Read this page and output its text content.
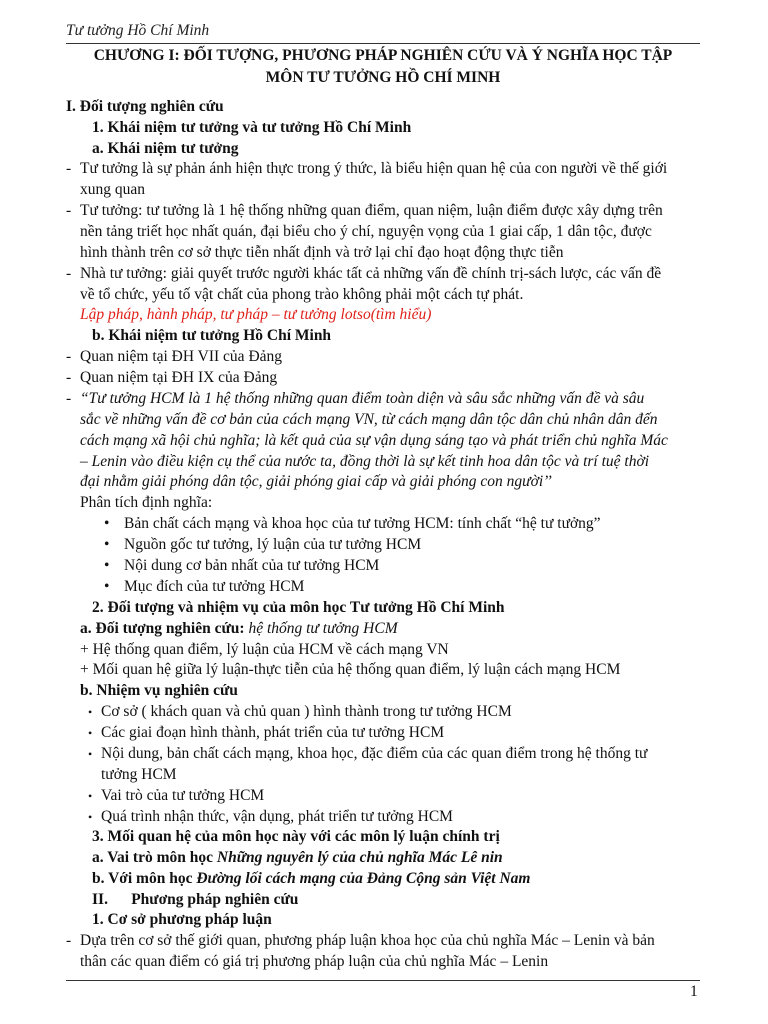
Tư tưởng Hồ Chí Minh
CHƯƠNG I: ĐỐI TƯỢNG, PHƯƠNG PHÁP NGHIÊN CỨU VÀ Ý NGHĨA HỌC TẬP
MÔN TƯ TƯỞNG HỒ CHÍ MINH
I. Đối tượng nghiên cứu
1. Khái niệm tư tưởng và tư tưởng Hồ Chí Minh
a. Khái niệm tư tưởng
- Tư tưởng là sự phản ánh hiện thực trong ý thức, là biểu hiện quan hệ của con người về thế giới
xung quan
- Tư tưởng: tư tưởng là 1 hệ thống những quan điểm, quan niệm, luận điểm được xây dựng trên
nền tảng triết học nhất quán, đại biểu cho ý chí, nguyện vọng của 1 giai cấp, 1 dân tộc, được
hình thành trên cơ sở thực tiễn nhất định và trở lại chỉ đạo hoạt động thực tiễn
- Nhà tư tưởng: giải quyết trước người khác tất cả những vấn đề chính trị-sách lược, các vấn đề
về tổ chức, yếu tố vật chất của phong trào không phải một cách tự phát.
Lập pháp, hành pháp, tư pháp – tư tưởng lotso(tìm hiểu)
b. Khái niệm tư tưởng Hồ Chí Minh
- Quan niệm tại ĐH VII của Đảng
- Quan niệm tại ĐH IX của Đảng
- “Tư tưởng HCM là 1 hệ thống những quan điểm toàn diện và sâu sắc những vấn đề và sâu
sắc về những vấn đề cơ bản của cách mạng VN, từ cách mạng dân tộc dân chủ nhân dân đến
cách mạng xã hội chủ nghĩa; là kết quả của sự vận dụng sáng tạo và phát triển chủ nghĩa Mác
– Lenin vào điều kiện cụ thể của nước ta, đồng thời là sự kết tinh hoa dân tộc và trí tuệ thời
đại nhằm giải phóng dân tộc, giải phóng giai cấp và giải phóng con người’’
Phân tích định nghĩa:
• Bản chất cách mạng và khoa học của tư tưởng HCM: tính chất “hệ tư tưởng”
• Nguồn gốc tư tưởng, lý luận của tư tưởng HCM
• Nội dung cơ bản nhất của tư tưởng HCM
• Mục đích của tư tưởng HCM
2. Đối tượng và nhiệm vụ của môn học Tư tưởng Hồ Chí Minh
a. Đối tượng nghiên cứu: hệ thống tư tưởng HCM
+ Hệ thống quan điểm, lý luận của HCM về cách mạng VN
+ Mối quan hệ giữa lý luận-thực tiễn của hệ thống quan điểm, lý luận cách mạng HCM
b. Nhiệm vụ nghiên cứu
• Cơ sở ( khách quan và chủ quan ) hình thành trong tư tưởng HCM
• Các giai đoạn hình thành, phát triển của tư tưởng HCM
• Nội dung, bản chất cách mạng, khoa học, đặc điểm của các quan điểm trong hệ thống tư
tưởng HCM
• Vai trò của tư tưởng HCM
• Quá trình nhận thức, vận dụng, phát triển tư tưởng HCM
3. Mối quan hệ của môn học này với các môn lý luận chính trị
a. Vai trò môn học Những nguyên lý của chủ nghĩa Mác Lê nin
b. Với môn học Đường lối cách mạng của Đảng Cộng sản Việt Nam
II.      Phương pháp nghiên cứu
1. Cơ sở phương pháp luận
- Dựa trên cơ sở thế giới quan, phương pháp luận khoa học của chủ nghĩa Mác – Lenin và bản
thân các quan điểm có giá trị phương pháp luận của chủ nghĩa Mác – Lenin
1
